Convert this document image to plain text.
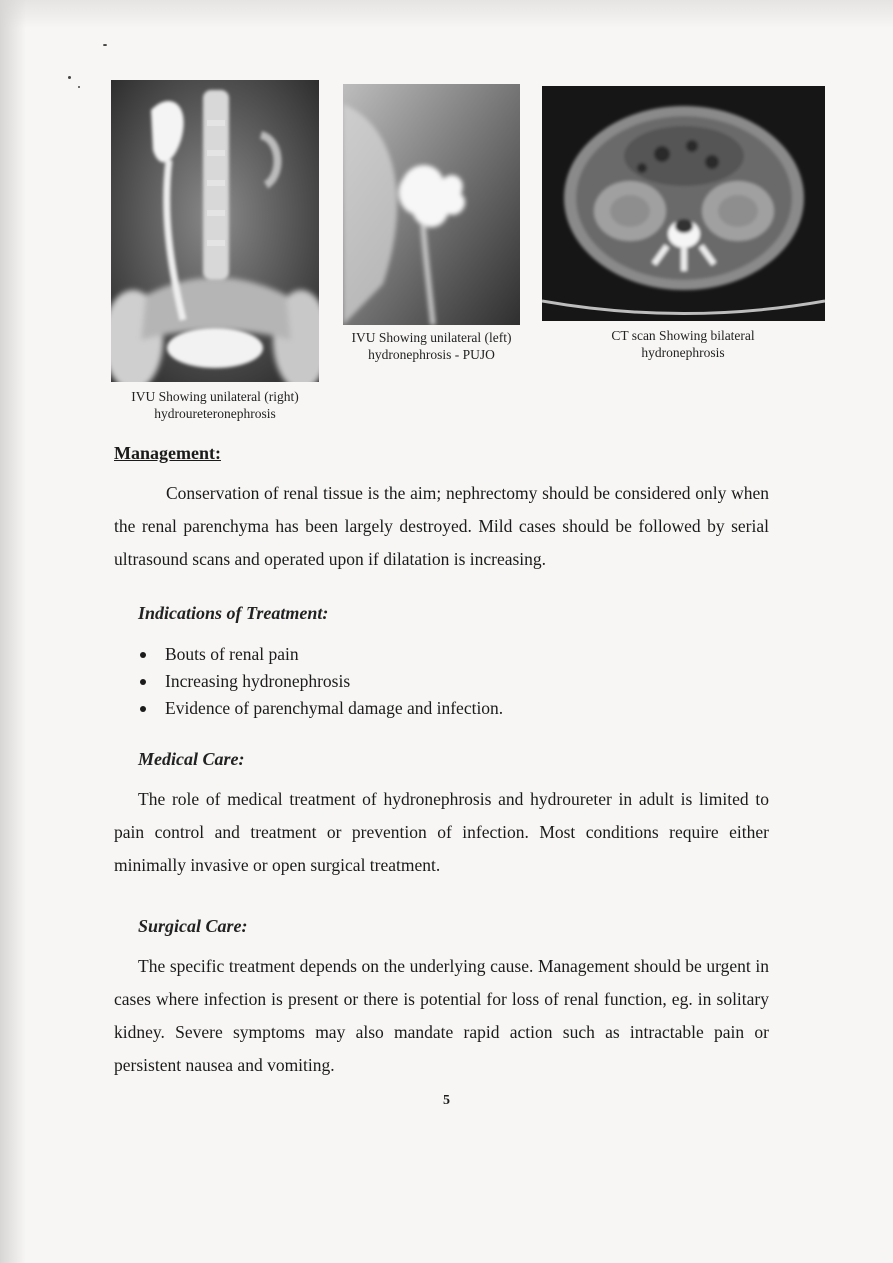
IVU Showing unilateral (right)
hydroureteronephrosis
IVU Showing unilateral (left)
hydronephrosis - PUJO
CT scan Showing bilateral
hydronephrosis
Management:

Conservation of renal tissue is the aim; nephrectomy should be considered only when the renal parenchyma has been largely destroyed. Mild cases should be followed by serial ultrasound scans and operated upon if dilatation is increasing.

Indications of Treatment:
Bouts of renal pain
Increasing hydronephrosis
Evidence of parenchymal damage and infection.
Medical Care:

The role of medical treatment of hydronephrosis and hydroureter in adult is limited to pain control and treatment or prevention of infection. Most conditions require either minimally invasive or open surgical treatment.

Surgical Care:

The specific treatment depends on the underlying cause. Management should be urgent in cases where infection is present or there is potential for loss of renal function, eg. in solitary kidney. Severe symptoms may also mandate rapid action such as intractable pain or persistent nausea and vomiting.

5
